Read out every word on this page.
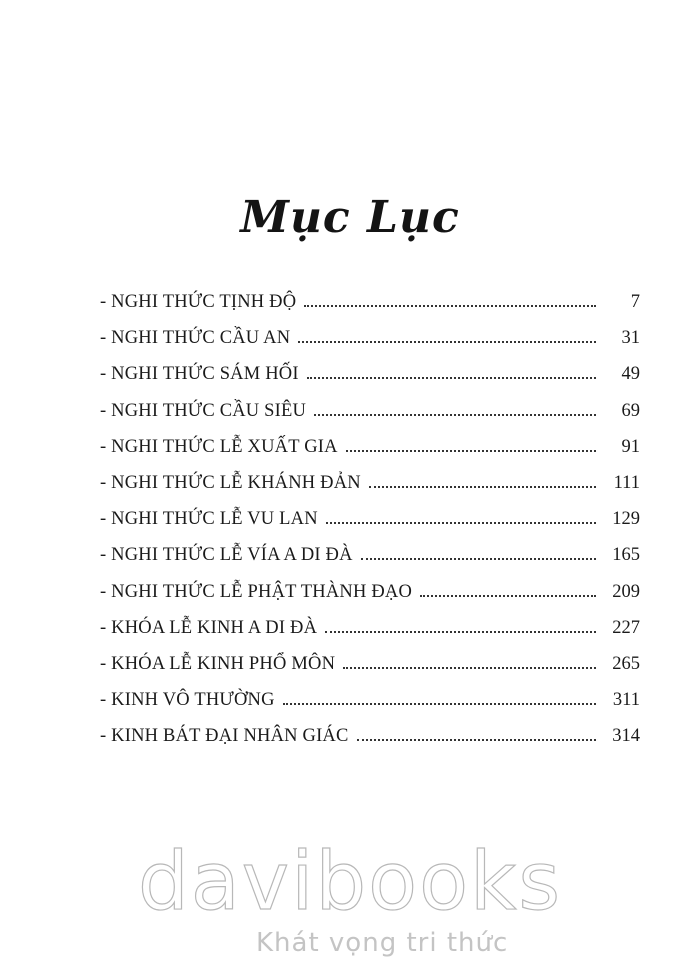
Mục Lục
- NGHI THỨC TỊNH ĐỘ	7
- NGHI THỨC CẦU AN	31
- NGHI THỨC SÁM HỐI	49
- NGHI THỨC CẦU SIÊU	69
- NGHI THỨC LỄ XUẤT GIA	91
- NGHI THỨC LỄ KHÁNH ĐẢN	111
- NGHI THỨC LỄ VU LAN	129
- NGHI THỨC LỄ VÍA A DI ĐÀ	165
- NGHI THỨC LỄ PHẬT THÀNH ĐẠO	209
- KHÓA LỄ KINH A DI ĐÀ	227
- KHÓA LỄ KINH PHỔ MÔN	265
- KINH VÔ THƯỜNG	311
- KINH BÁT ĐẠI NHÂN GIÁC	314
davibooks
Khát vọng tri thức
